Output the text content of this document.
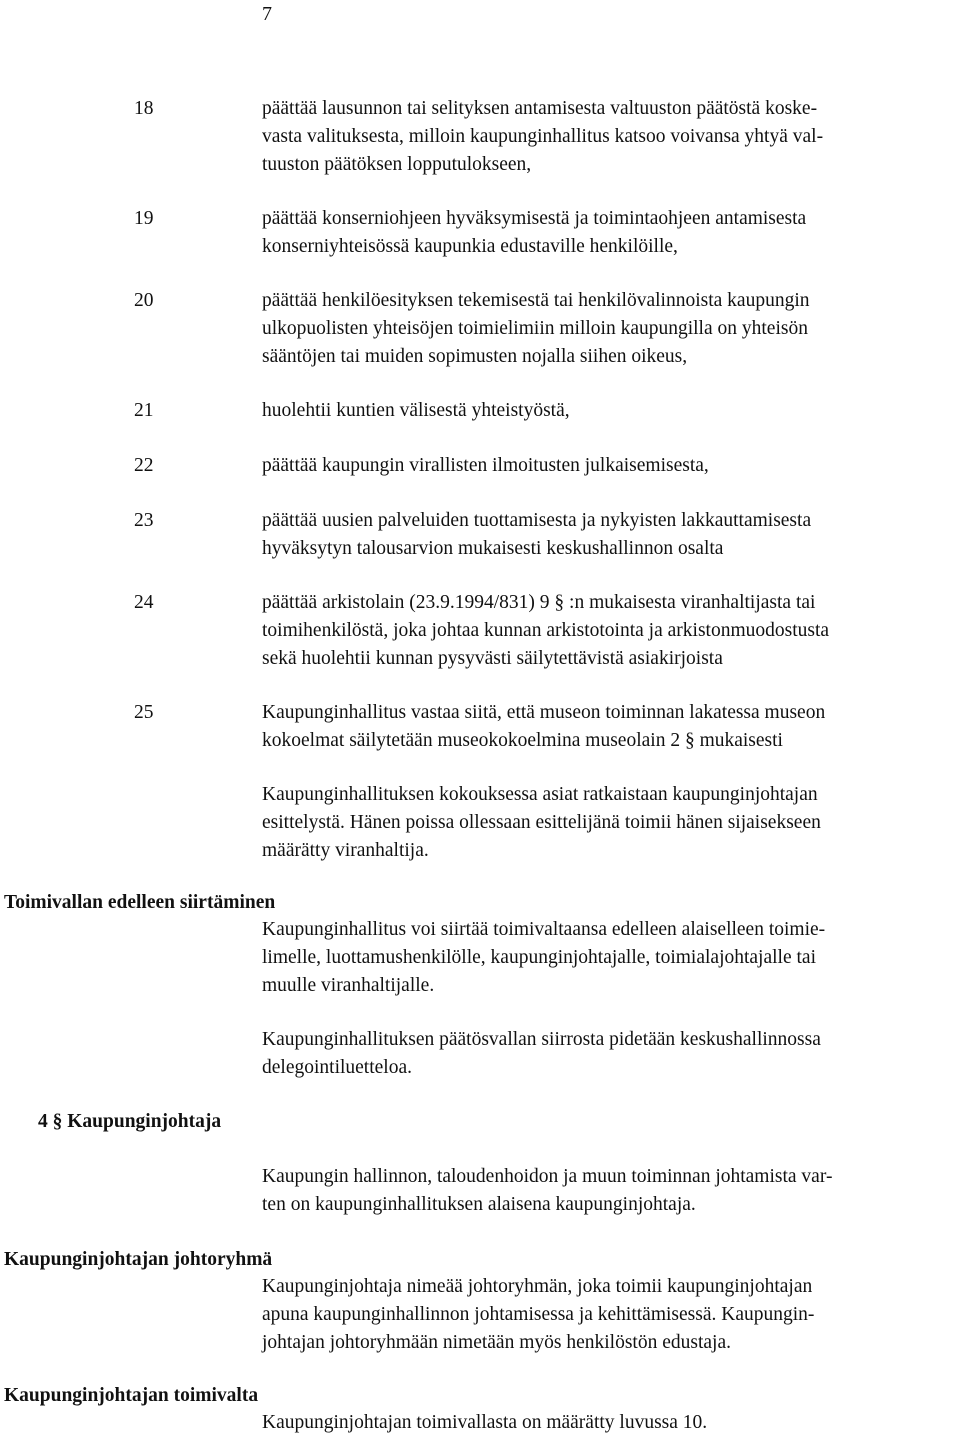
7
18	päättää lausunnon tai selityksen antamisesta valtuuston päätöstä koske-
vasta valituksesta, milloin kaupunginhallitus katsoo voivansa yhtyä val-
tuuston päätöksen lopputulokseen,
19	päättää konserniohjeen hyväksymisestä ja toimintaohjeen antamisesta
konserniyhteisössä kaupunkia edustaville henkilöille,
20	päättää henkilöesityksen tekemisestä tai henkilövalinnoista kaupungin
ulkopuolisten yhteisöjen toimielimiin milloin kaupungilla on yhteisön
sääntöjen tai muiden sopimusten nojalla siihen oikeus,
21	huolehtii kuntien välisestä yhteistyöstä,
22	päättää kaupungin virallisten ilmoitusten julkaisemisesta,
23	päättää uusien palveluiden tuottamisesta ja nykyisten lakkauttamisesta
hyväksytyn talousarvion mukaisesti keskushallinnon osalta
24	päättää arkistolain (23.9.1994/831) 9 § :n mukaisesta viranhaltijasta tai
toimihenkilöstä, joka johtaa kunnan arkistotointa ja arkistonmuodostusta
sekä huolehtii kunnan pysyvästi säilytettävistä asiakirjoista
25	Kaupunginhallitus vastaa siitä, että museon toiminnan lakatessa museon
kokoelmat säilytetään museokokoelmina museolain 2 § mukaisesti
Kaupunginhallituksen kokouksessa asiat ratkaistaan kaupunginjohtajan
esittelystä. Hänen poissa ollessaan esittelijänä toimii hänen sijaisekseen
määrätty viranhaltija.
Toimivallan edelleen siirtäminen
Kaupunginhallitus voi siirtää toimivaltaansa edelleen alaiselleen toimie-
limelle, luottamushenkilölle, kaupunginjohtajalle, toimialajohtajalle tai
muulle viranhaltijalle.
Kaupunginhallituksen päätösvallan siirrosta pidetään keskushallinnossa
delegointiluetteloa.
4 § Kaupunginjohtaja
Kaupungin hallinnon, taloudenhoidon ja muun toiminnan johtamista var-
ten on kaupunginhallituksen alaisena kaupunginjohtaja.
Kaupunginjohtajan johtoryhmä
Kaupunginjohtaja nimeää johtoryhmän, joka toimii kaupunginjohtajan
apuna kaupunginhallinnon johtamisessa ja kehittämisessä. Kaupungin-
johtajan johtoryhmään nimetään myös henkilöstön edustaja.
Kaupunginjohtajan toimivalta
Kaupunginjohtajan toimivallasta on määrätty luvussa 10.
